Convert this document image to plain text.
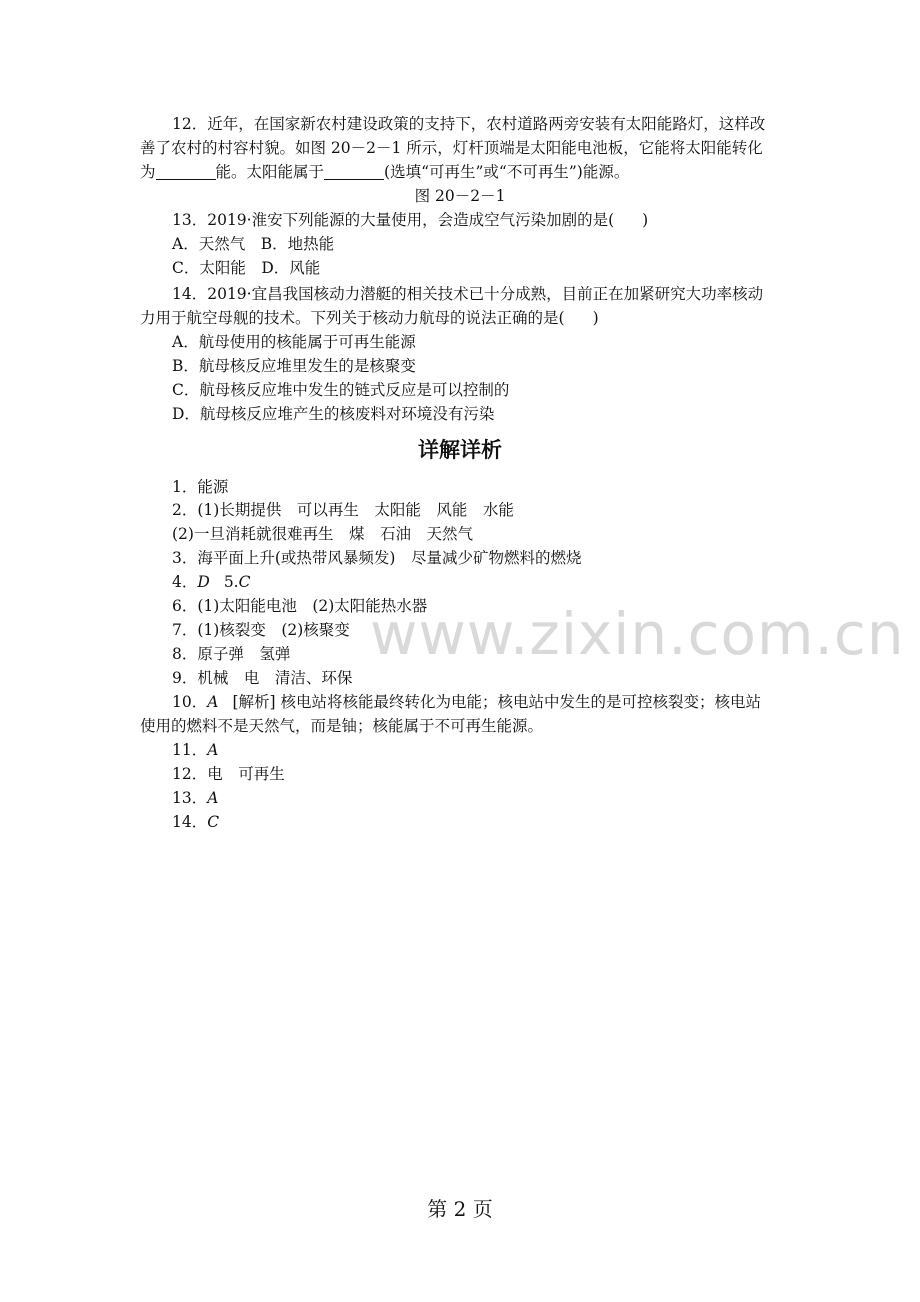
www.zixin.com.cn
12．近年，在国家新农村建设政策的支持下，农村道路两旁安装有太阳能路灯，这样改
善了农村的村容村貌。如图 20－2－1 所示，灯杆顶端是太阳能电池板，它能将太阳能转化
为	能。太阳能属于	(选填“可再生”或“不可再生”)能源。
图 20－2－1
13．2019·淮安下列能源的大量使用，会造成空气污染加剧的是( )
A．天然气　B．地热能
C．太阳能　D．风能
14．2019·宜昌我国核动力潜艇的相关技术已十分成熟，目前正在加紧研究大功率核动
力用于航空母舰的技术。下列关于核动力航母的说法正确的是( )
A．航母使用的核能属于可再生能源
B．航母核反应堆里发生的是核聚变
C．航母核反应堆中发生的链式反应是可以控制的
D．航母核反应堆产生的核废料对环境没有污染
详解详析
1．能源
2．(1)长期提供　可以再生　太阳能　风能　水能
(2)一旦消耗就很难再生　煤　石油　天然气
3．海平面上升(或热带风暴频发)　尽量减少矿物燃料的燃烧
4．D 5.C
6．(1)太阳能电池　(2)太阳能热水器
7．(1)核裂变　(2)核聚变
8．原子弹　氢弹
9．机械　电　清洁、环保
10．A [解析] 核电站将核能最终转化为电能；核电站中发生的是可控核裂变；核电站
使用的燃料不是天然气，而是铀；核能属于不可再生能源。
11．A
12．电　可再生
13．A
14．C
第 2 页
